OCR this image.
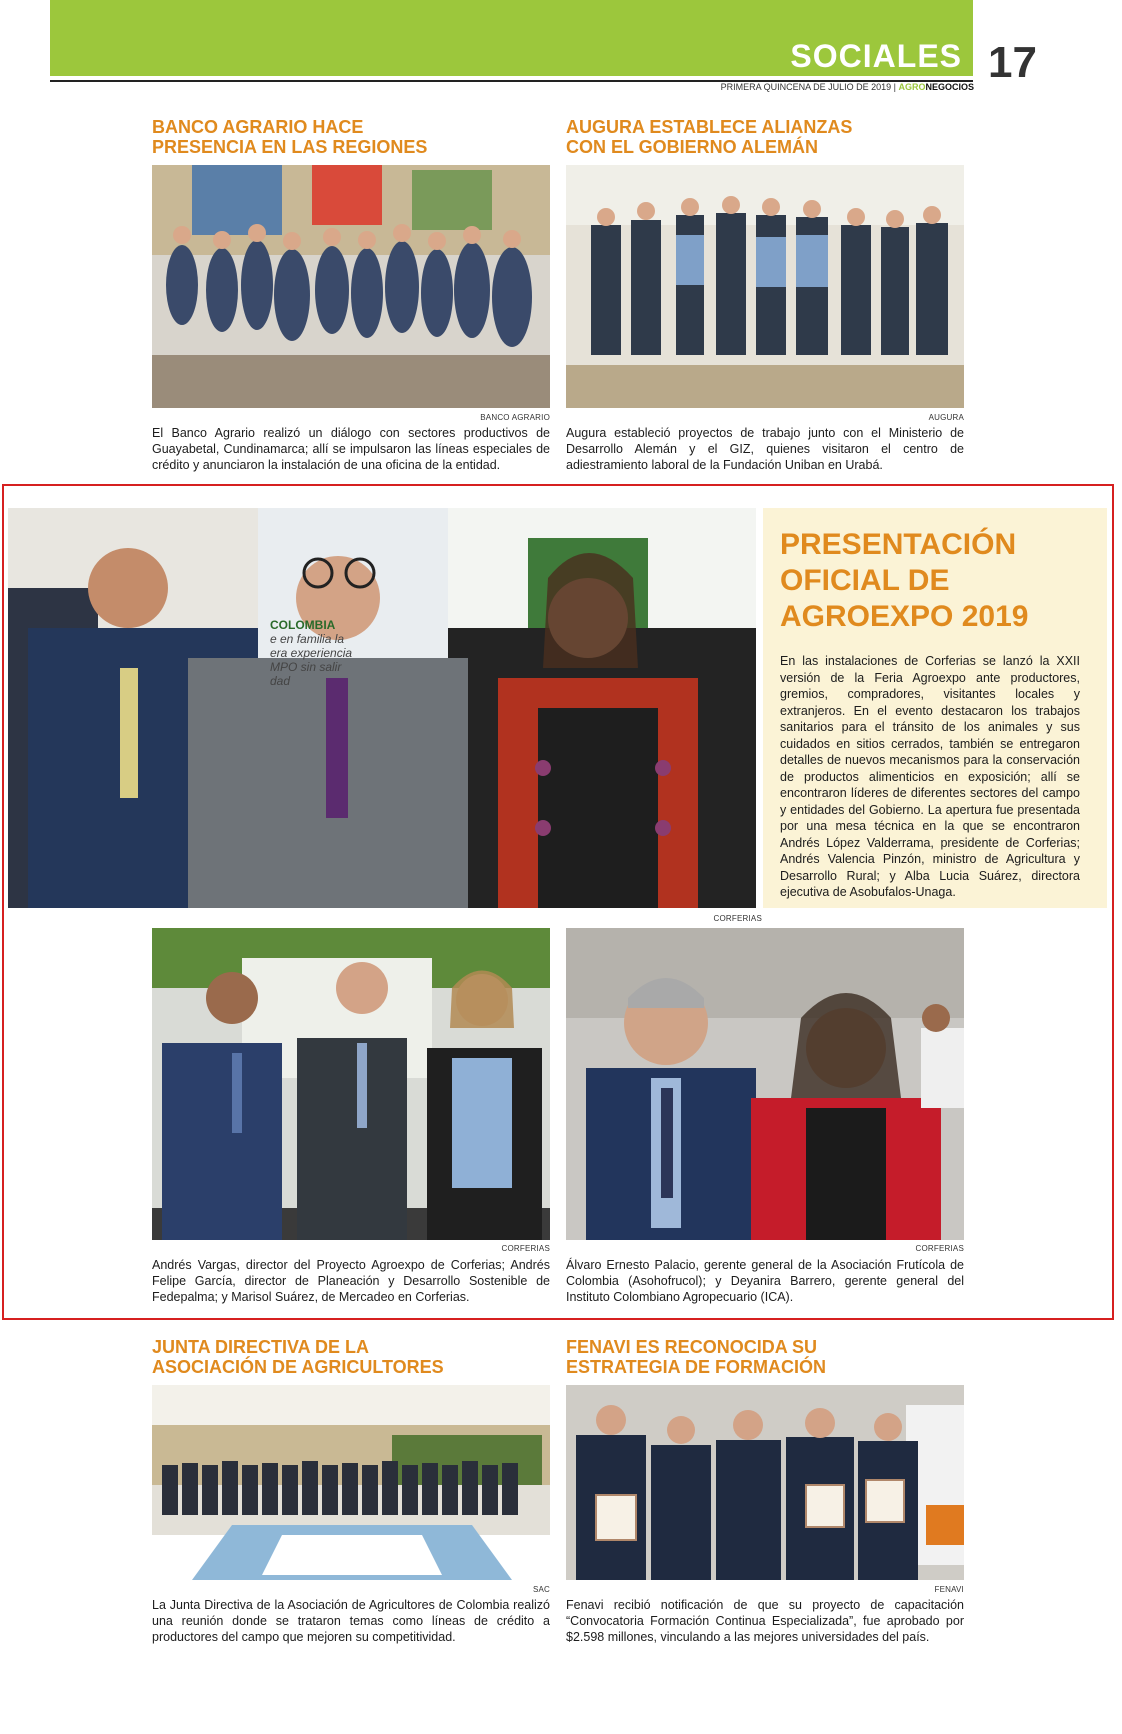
SOCIALES 17
PRIMERA QUINCENA DE JULIO DE 2019 | AGRONEGOCIOS
BANCO AGRARIO HACE
PRESENCIA EN LAS REGIONES
BANCO AGRARIO
El Banco Agrario realizó un diálogo con sectores productivos de Guayabetal, Cundinamarca; allí se impulsaron las líneas especiales de crédito y anunciaron la instalación de una oficina de la entidad.
AUGURA ESTABLECE ALIANZAS
CON EL GOBIERNO ALEMÁN
AUGURA
Augura estableció proyectos de trabajo junto con el Ministerio de Desarrollo Alemán y el GIZ, quienes visitaron el centro de adiestramiento laboral de la Fundación Uniban en Urabá.
COLOMBIA
e en familia la
era experiencia
MPO sin salir
dad
PRESENTACIÓN
OFICIAL DE
AGROEXPO 2019
En las instalaciones de Corferias se lanzó la XXII versión de la Feria Agroexpo ante productores, gremios, compradores, visitantes locales y extranjeros. En el evento destacaron los trabajos sanitarios para el tránsito de los animales y sus cuidados en sitios cerrados, también se entregaron detalles de nuevos mecanismos para la conservación de productos alimenticios en exposición; allí se encontraron líderes de diferentes sectores del campo y entidades del Gobierno. La apertura fue presentada por una mesa técnica en la que se encontraron Andrés López Valderrama, presidente de Corferias; Andrés Valencia Pinzón, ministro de Agricultura y Desarrollo Rural; y Alba Lucia Suárez, directora ejecutiva de Asobufalos-Unaga.
CORFERIAS
CORFERIAS
Andrés Vargas, director del Proyecto Agroexpo de Corferias; Andrés Felipe García, director de Planeación y Desarrollo Sostenible de Fedepalma; y Marisol Suárez, de Mercadeo en Corferias.
CORFERIAS
Álvaro Ernesto Palacio, gerente general de la Asociación Frutícola de Colombia (Asohofrucol); y Deyanira Barrero, gerente general del Instituto Colombiano Agropecuario (ICA).
JUNTA DIRECTIVA DE LA
ASOCIACIÓN DE AGRICULTORES
SAC
La Junta Directiva de la Asociación de Agricultores de Colombia realizó una reunión donde se trataron temas como líneas de crédito a productores del campo que mejoren su competitividad.
FENAVI ES RECONOCIDA SU
ESTRATEGIA DE FORMACIÓN
FENAVI
Fenavi recibió notificación de que su proyecto de capacitación “Convocatoria Formación Continua Especializada”, fue aprobado por $2.598 millones, vinculando a las mejores universidades del país.
